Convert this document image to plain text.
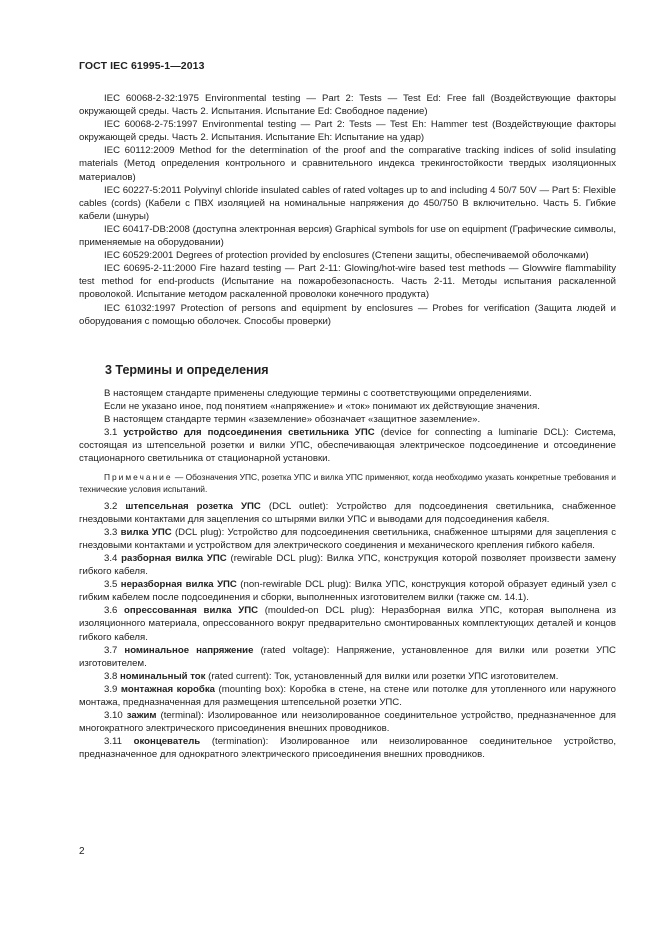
ГОСТ IEC 61995-1—2013

IEC 60068-2-32:1975 Environmental testing — Part 2: Tests — Test Ed: Free fall (Воздействующие факторы окружающей среды. Часть 2. Испытания. Испытание Ed: Свободное падение)

IEC 60068-2-75:1997 Environmental testing — Part 2: Tests — Test Eh: Hammer test (Воздействующие факторы окружающей среды. Часть 2. Испытания. Испытание Eh: Испытание на удар)

IEC 60112:2009 Method for the determination of the proof and the comparative tracking indices of solid insulating materials (Метод определения контрольного и сравнительного индекса трекингостойкости твердых изоляционных материалов)

IEC 60227-5:2011 Polyvinyl chloride insulated cables of rated voltages up to and including 4 50/7 50V — Part 5: Flexible cables (cords) (Кабели с ПВХ изоляцией на номинальные напряжения до 450/750 В включительно. Часть 5. Гибкие кабели (шнуры)

IEC 60417-DB:2008 (доступна электронная версия) Graphical symbols for use on equipment (Графические символы, применяемые на оборудовании)

IEC 60529:2001 Degrees of protection provided by enclosures (Степени защиты, обеспечиваемой оболочками)

IEC 60695-2-11:2000 Fire hazard testing — Part 2-11: Glowing/hot-wire based test methods — Glowwire flammability test method for end-products (Испытание на пожаробезопасность. Часть 2-11. Методы испытания раскаленной проволокой. Испытание методом раскаленной проволоки конечного продукта)

IEC 61032:1997 Protection of persons and equipment by enclosures — Probes for verification (Защита людей и оборудования с помощью оболочек. Способы проверки)

3 Термины и определения

В настоящем стандарте применены следующие термины с соответствующими определениями.

Если не указано иное, под понятием «напряжение» и «ток» понимают их действующие значения.

В настоящем стандарте термин «заземление» обозначает «защитное заземление».

3.1 устройство для подсоединения светильника УПС (device for connecting a luminarie DCL): Система, состоящая из штепсельной розетки и вилки УПС, обеспечивающая электрическое подсоединение и отсоединение стационарного светильника от стационарной установки.

Примечание — Обозначения УПС, розетка УПС и вилка УПС применяют, когда необходимо указать конкретные требования и технические условия испытаний.

3.2 штепсельная розетка УПС (DCL outlet): Устройство для подсоединения светильника, снабженное гнездовыми контактами для зацепления со штырями вилки УПС и выводами для подсоединения кабеля.

3.3 вилка УПС (DCL plug): Устройство для подсоединения светильника, снабженное штырями для зацепления с гнездовыми контактами и устройством для электрического соединения и механического крепления гибкого кабеля.

3.4 разборная вилка УПС (rewirable DCL plug): Вилка УПС, конструкция которой позволяет произвести замену гибкого кабеля.

3.5 неразборная вилка УПС (non-rewirable DCL plug): Вилка УПС, конструкция которой образует единый узел с гибким кабелем после подсоединения и сборки, выполненных изготовителем вилки (также см. 14.1).

3.6 опрессованная вилка УПС (moulded-on DCL plug): Неразборная вилка УПС, которая выполнена из изоляционного материала, опрессованного вокруг предварительно смонтированных комплектующих деталей и концов гибкого кабеля.

3.7 номинальное напряжение (rated voltage): Напряжение, установленное для вилки или розетки УПС изготовителем.

3.8 номинальный ток (rated current): Ток, установленный для вилки или розетки УПС изготовителем.

3.9 монтажная коробка (mounting box): Коробка в стене, на стене или потолке для утопленного или наружного монтажа, предназначенная для размещения штепсельной розетки УПС.

3.10 зажим (terminal): Изолированное или неизолированное соединительное устройство, предназначенное для многократного электрического присоединения внешних проводников.

3.11 оконцеватель (termination): Изолированное или неизолированное соединительное устройство, предназначенное для однократного электрического присоединения внешних проводников.

2
